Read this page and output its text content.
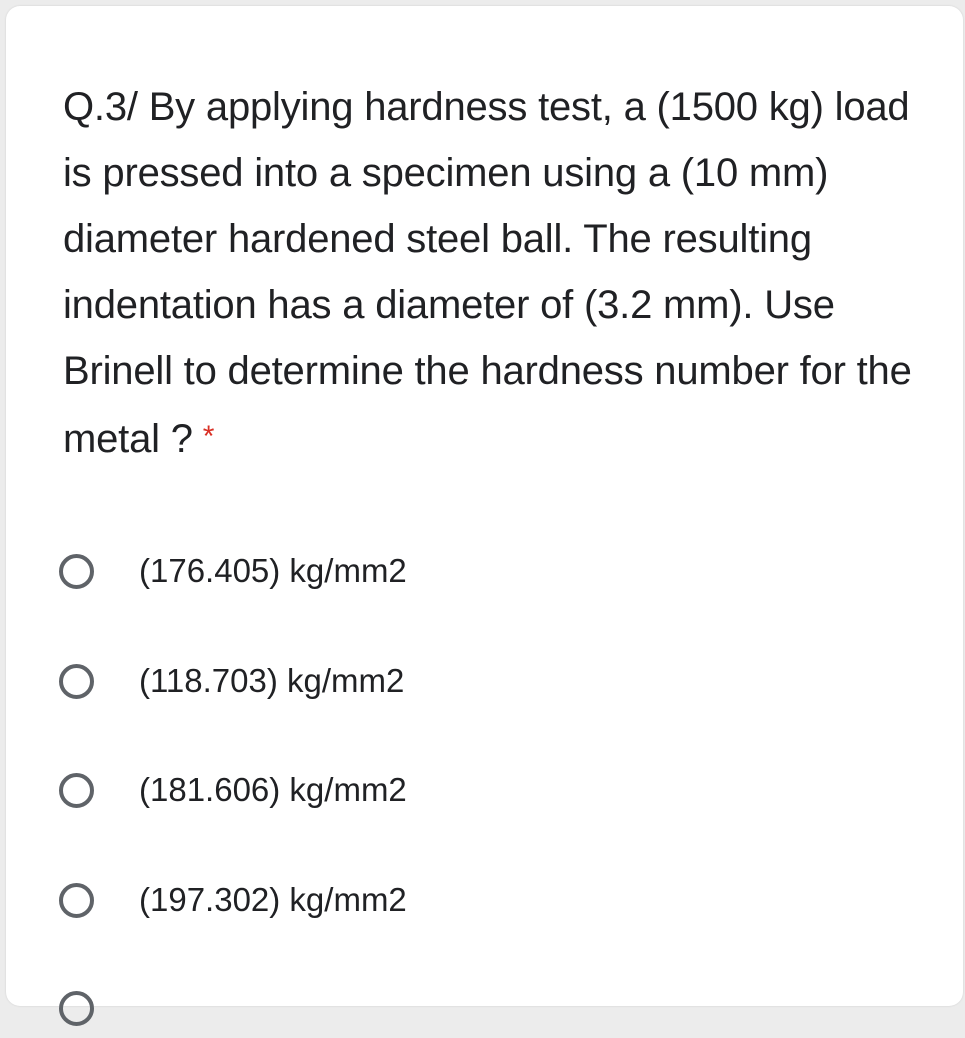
Q.3/ By applying hardness test, a (1500 kg) load is pressed into a specimen using a (10 mm) diameter hardened steel ball. The resulting indentation has a diameter of (3.2 mm). Use Brinell to determine the hardness number for the metal ? *

(176.405) kg/mm2
(118.703) kg/mm2
(181.606) kg/mm2
(197.302) kg/mm2
